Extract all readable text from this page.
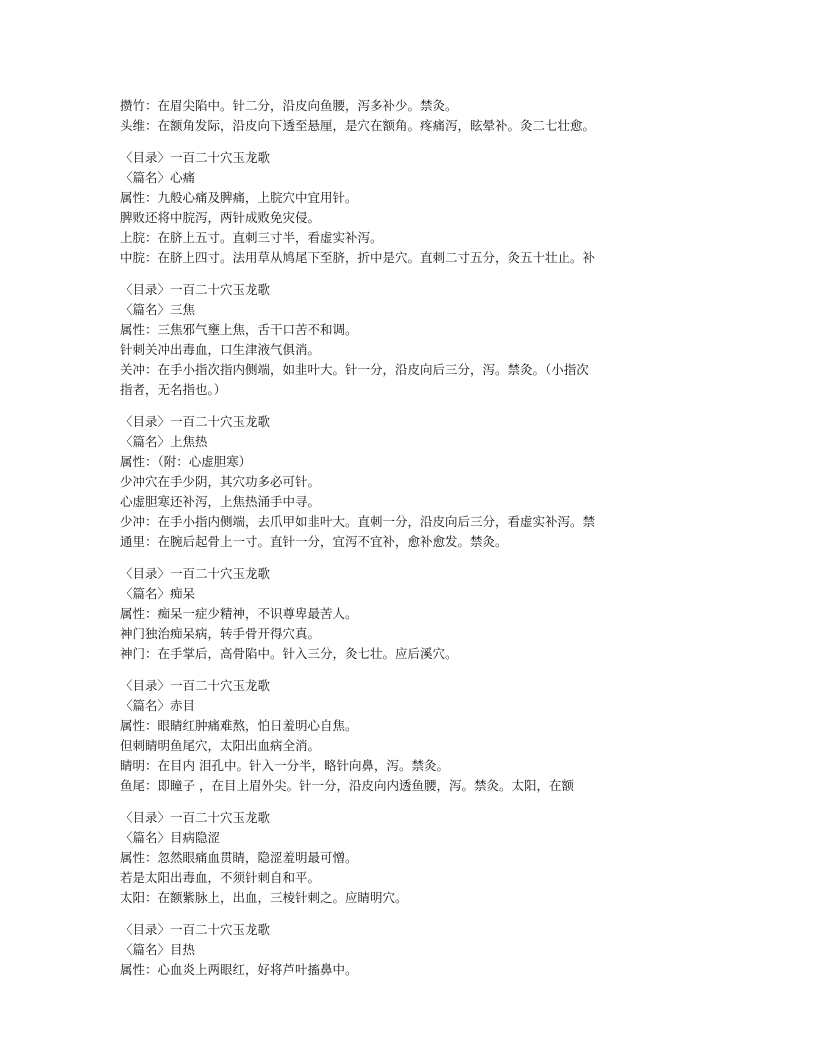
攒竹：在眉尖陷中。针二分，沿皮向鱼腰，泻多补少。禁灸。
头维：在额角发际，沿皮向下透至悬厘，是穴在额角。疼痛泻，眩晕补。灸二七壮愈。
〈目录〉一百二十穴玉龙歌
〈篇名〉心痛
属性：九般心痛及脾痛，上脘穴中宜用针。
脾败还将中脘泻，两针成败免灾侵。
上脘：在脐上五寸。直刺三寸半，看虚实补泻。
中脘：在脐上四寸。法用草从鸠尾下至脐，折中是穴。直刺二寸五分，灸五十壮止。补
〈目录〉一百二十穴玉龙歌
〈篇名〉三焦
属性：三焦邪气壅上焦，舌干口苦不和调。
针刺关冲出毒血，口生津液气俱消。
关冲：在手小指次指内侧端，如韭叶大。针一分，沿皮向后三分，泻。禁灸。（小指次
指者，无名指也。）
〈目录〉一百二十穴玉龙歌
〈篇名〉上焦热
属性：（附：心虚胆寒）
少冲穴在手少阴，其穴功多必可针。
心虚胆寒还补泻，上焦热涌手中寻。
少冲：在手小指内侧端，去爪甲如韭叶大。直刺一分，沿皮向后三分，看虚实补泻。禁
通里：在腕后起骨上一寸。直针一分，宜泻不宜补，愈补愈发。禁灸。
〈目录〉一百二十穴玉龙歌
〈篇名〉痴呆
属性：痴呆一症少精神，不识尊卑最苦人。
神门独治痴呆病，转手骨开得穴真。
神门：在手掌后，高骨陷中。针入三分，灸七壮。应后溪穴。
〈目录〉一百二十穴玉龙歌
〈篇名〉赤目
属性：眼睛红肿痛难熬，怕日羞明心自焦。
但刺睛明鱼尾穴，太阳出血病全消。
睛明：在目内 泪孔中。针入一分半，略针向鼻，泻。禁灸。
鱼尾：即瞳子 ，在目上眉外尖。针一分，沿皮向内透鱼腰，泻。禁灸。太阳，在额
〈目录〉一百二十穴玉龙歌
〈篇名〉目病隐涩
属性：忽然眼痛血贯睛，隐涩羞明最可憎。
若是太阳出毒血，不须针刺自和平。
太阳：在额紫脉上，出血，三棱针刺之。应睛明穴。
〈目录〉一百二十穴玉龙歌
〈篇名〉目热
属性：心血炎上两眼红，好将芦叶搐鼻中。
